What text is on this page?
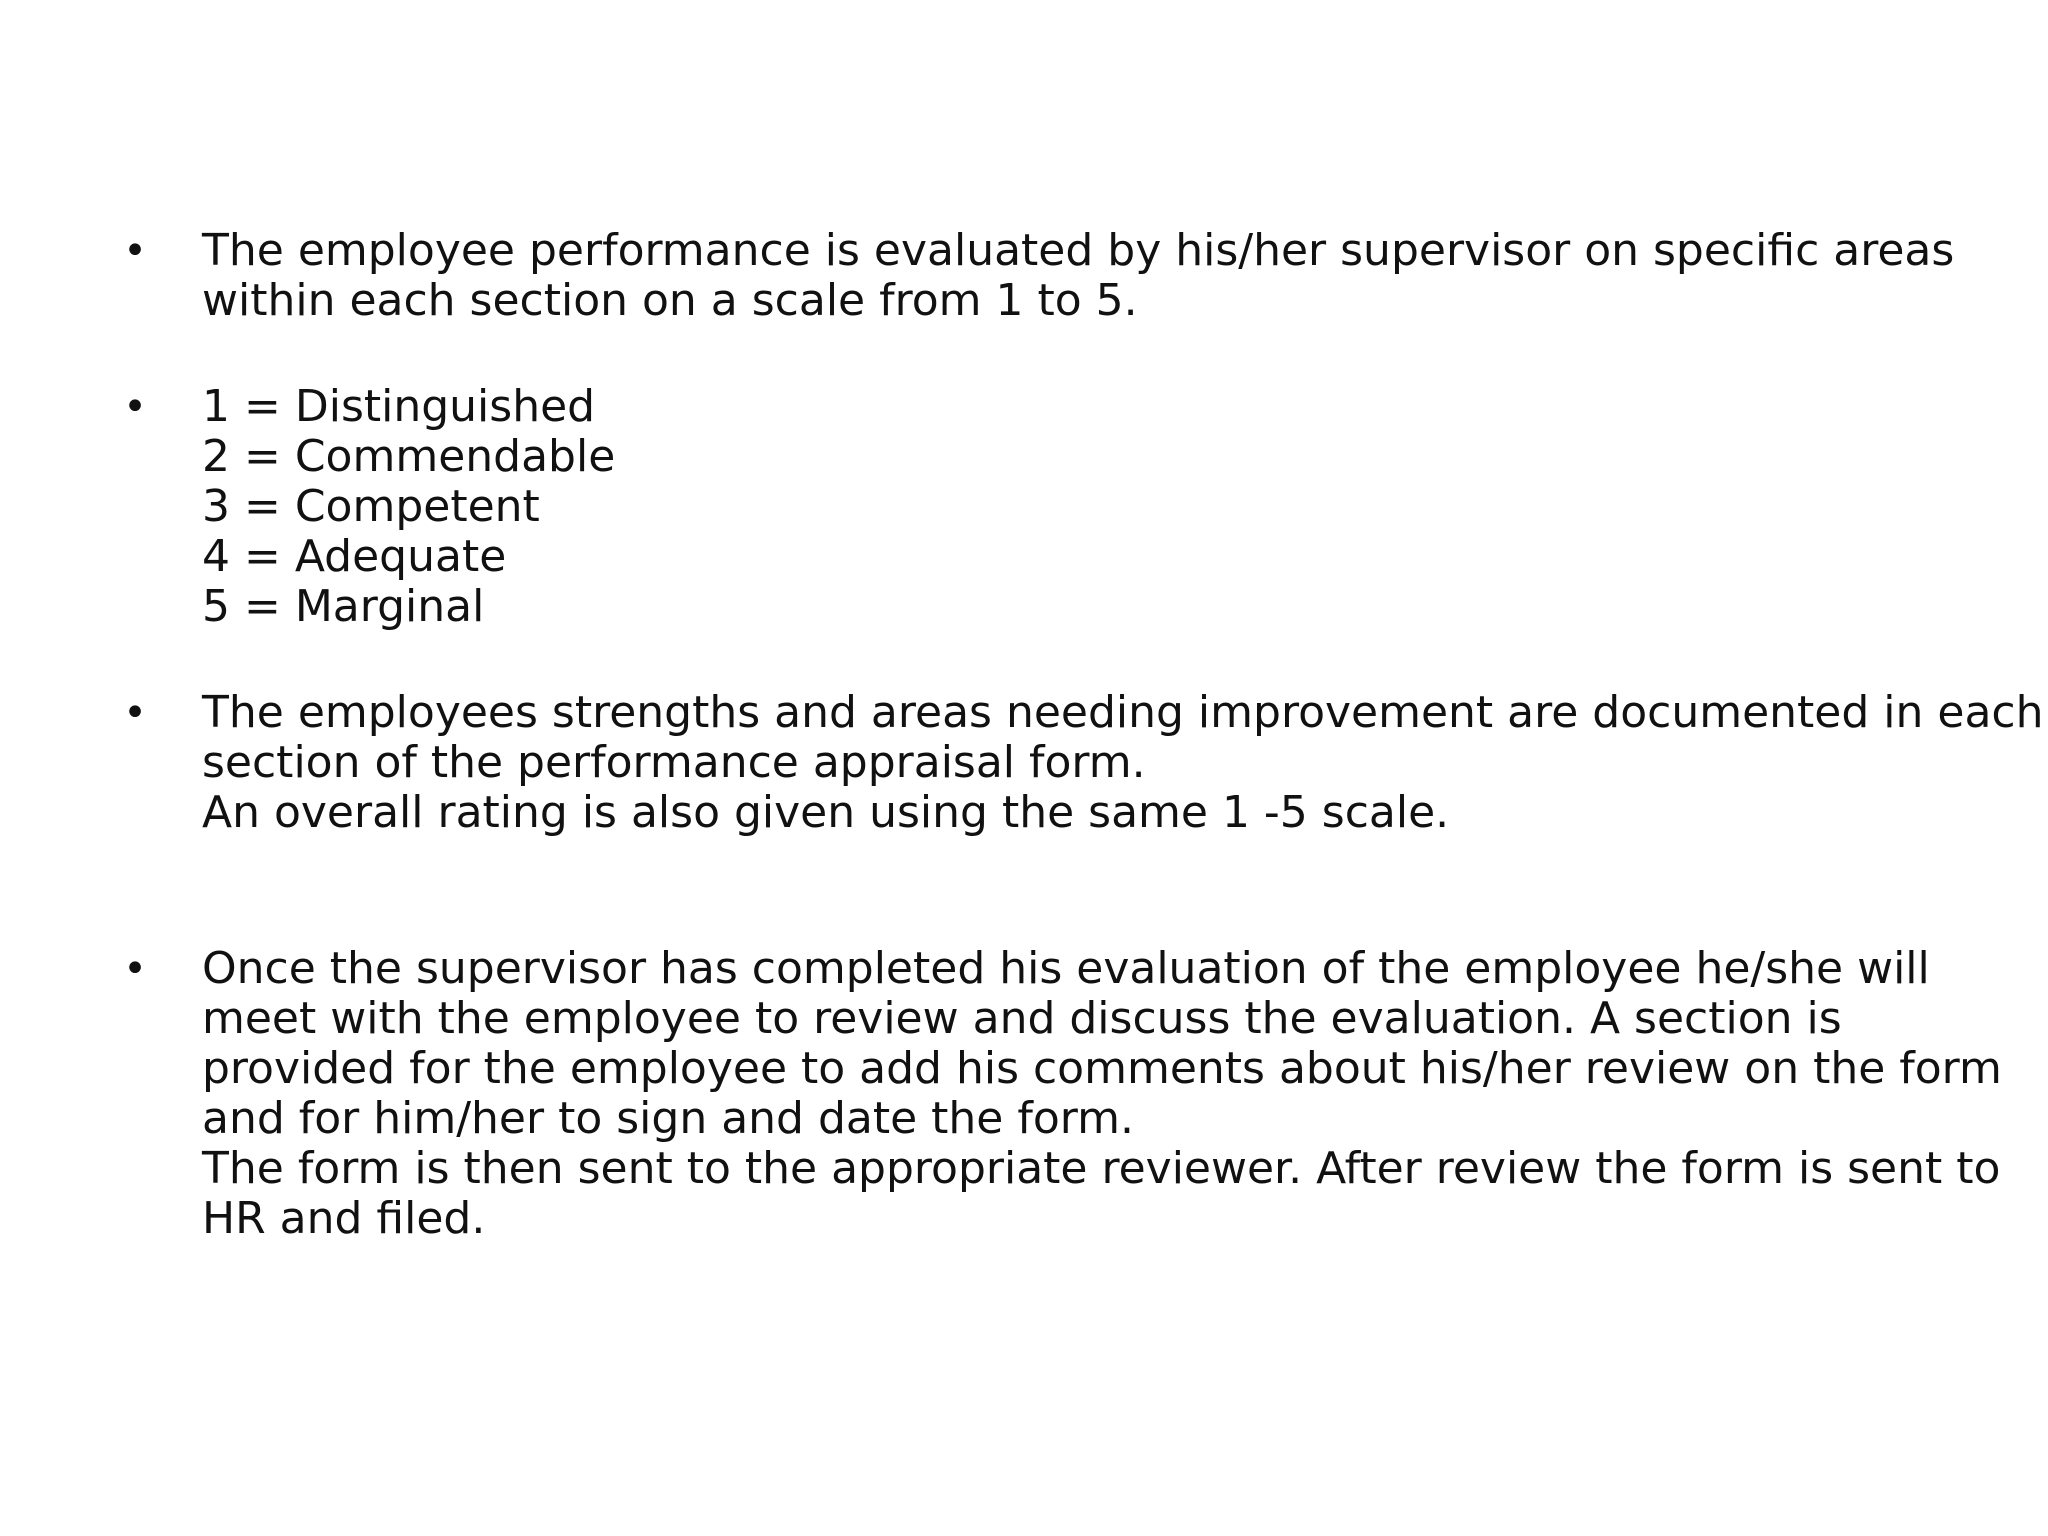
• The employee performance is evaluated by his/her supervisor on specific areas
within each section on a scale from 1 to 5.
• 1 = Distinguished
2 = Commendable
3 = Competent
4 = Adequate
5 = Marginal
• The employees strengths and areas needing improvement are documented in each
section of the performance appraisal form.
An overall rating is also given using the same 1 -5 scale.
• Once the supervisor has completed his evaluation of the employee he/she will
meet with the employee to review and discuss the evaluation. A section is
provided for the employee to add his comments about his/her review on the form
and for him/her to sign and date the form.
The form is then sent to the appropriate reviewer. After review the form is sent to
HR and filed.
